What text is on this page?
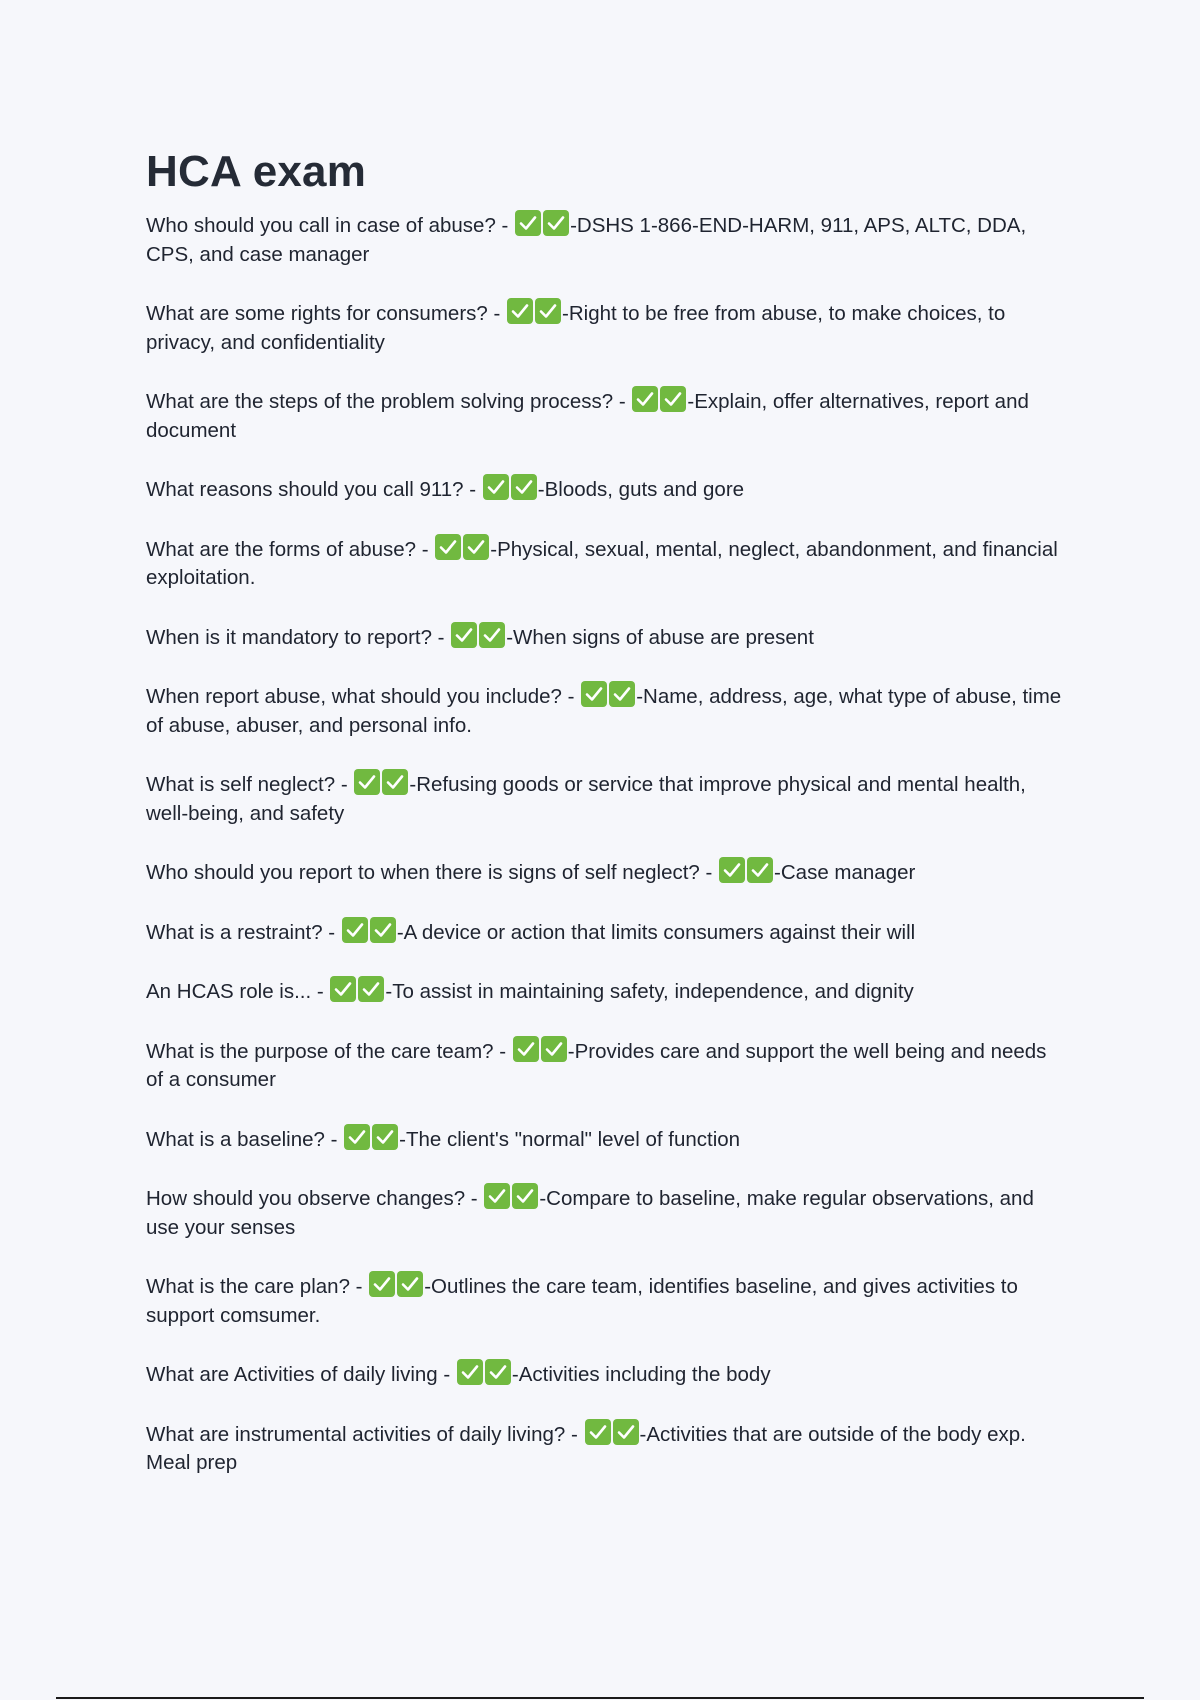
HCA exam
Who should you call in case of abuse? -	-DSHS 1-866-END-HARM, 911, APS, ALTC, DDA, CPS, and case manager
What are some rights for consumers? -	-Right to be free from abuse, to make choices, to privacy, and confidentiality
What are the steps of the problem solving process? -	-Explain, offer alternatives, report and document
What reasons should you call 911? -	-Bloods, guts and gore
What are the forms of abuse? -	-Physical, sexual, mental, neglect, abandonment, and financial exploitation.
When is it mandatory to report? -	-When signs of abuse are present
When report abuse, what should you include? -	-Name, address, age, what type of abuse, time of abuse, abuser, and personal info.
What is self neglect? -	-Refusing goods or service that improve physical and mental health, well-being, and safety
Who should you report to when there is signs of self neglect? -	-Case manager
What is a restraint? -	-A device or action that limits consumers against their will
An HCAS role is... -	-To assist in maintaining safety, independence, and dignity
What is the purpose of the care team? -	-Provides care and support the well being and needs of a consumer
What is a baseline? -	-The client's "normal" level of function
How should you observe changes? -	-Compare to baseline, make regular observations, and use your senses
What is the care plan? -	-Outlines the care team, identifies baseline, and gives activities to support comsumer.
What are Activities of daily living -	-Activities including the body
What are instrumental activities of daily living? -	-Activities that are outside of the body exp. Meal prep
